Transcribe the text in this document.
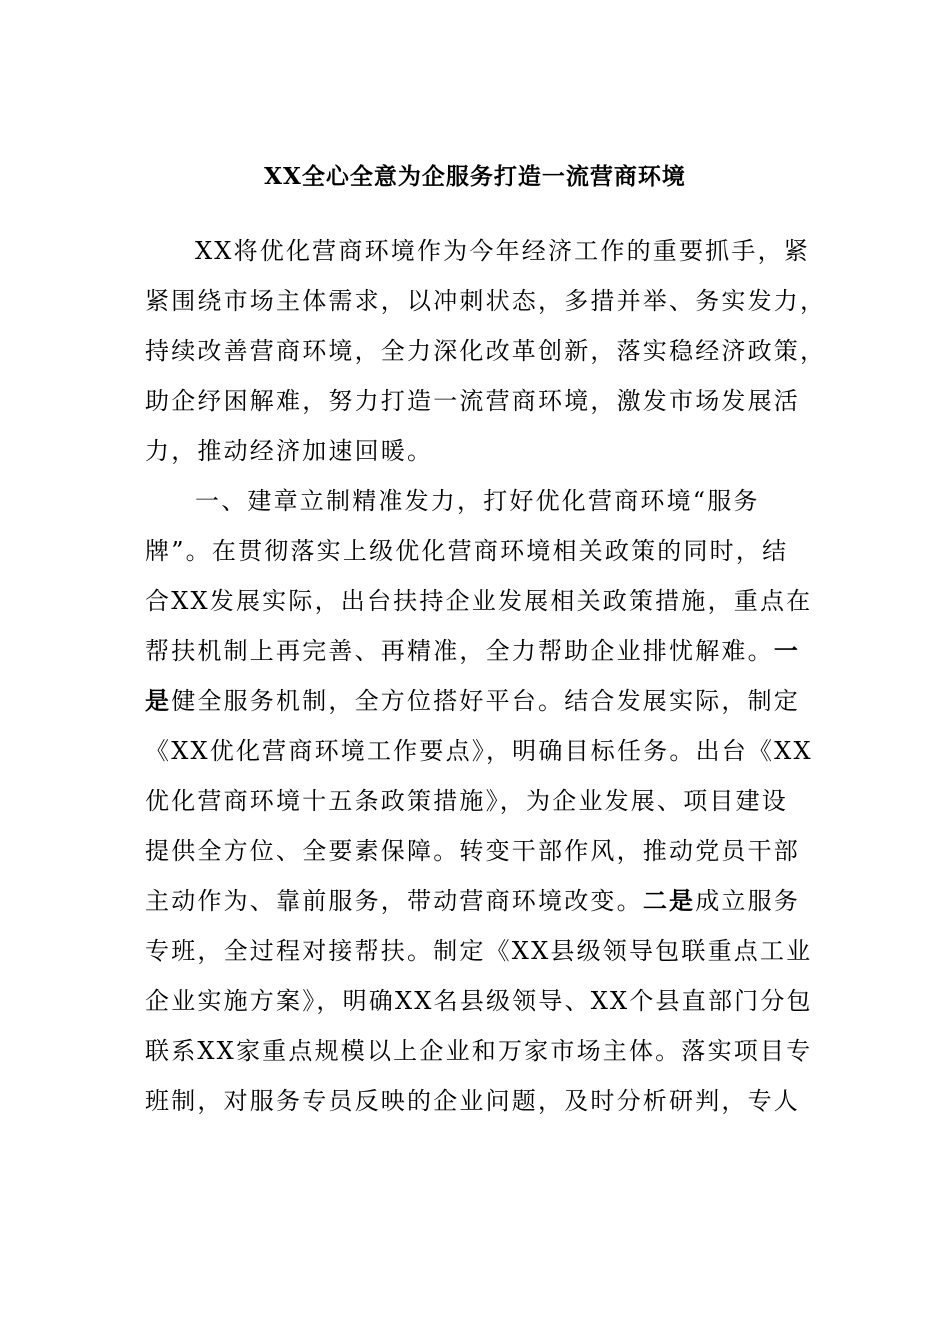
XX全心全意为企服务打造一流营商环境
XX将优化营商环境作为今年经济工作的重要抓手，紧
紧围绕市场主体需求，以冲刺状态，多措并举、务实发力，
持续改善营商环境，全力深化改革创新，落实稳经济政策，
助企纾困解难，努力打造一流营商环境，激发市场发展活
力，推动经济加速回暖。
一、建章立制精准发力，打好优化营商环境“服务
牌”。在贯彻落实上级优化营商环境相关政策的同时，结
合XX发展实际，出台扶持企业发展相关政策措施，重点在
帮扶机制上再完善、再精准，全力帮助企业排忧解难。一
是健全服务机制，全方位搭好平台。结合发展实际，制定
《XX优化营商环境工作要点》，明确目标任务。出台《XX
优化营商环境十五条政策措施》，为企业发展、项目建设
提供全方位、全要素保障。转变干部作风，推动党员干部
主动作为、靠前服务，带动营商环境改变。二是成立服务
专班，全过程对接帮扶。制定《XX县级领导包联重点工业
企业实施方案》，明确XX名县级领导、XX个县直部门分包
联系XX家重点规模以上企业和万家市场主体。落实项目专
班制，对服务专员反映的企业问题，及时分析研判，专人
